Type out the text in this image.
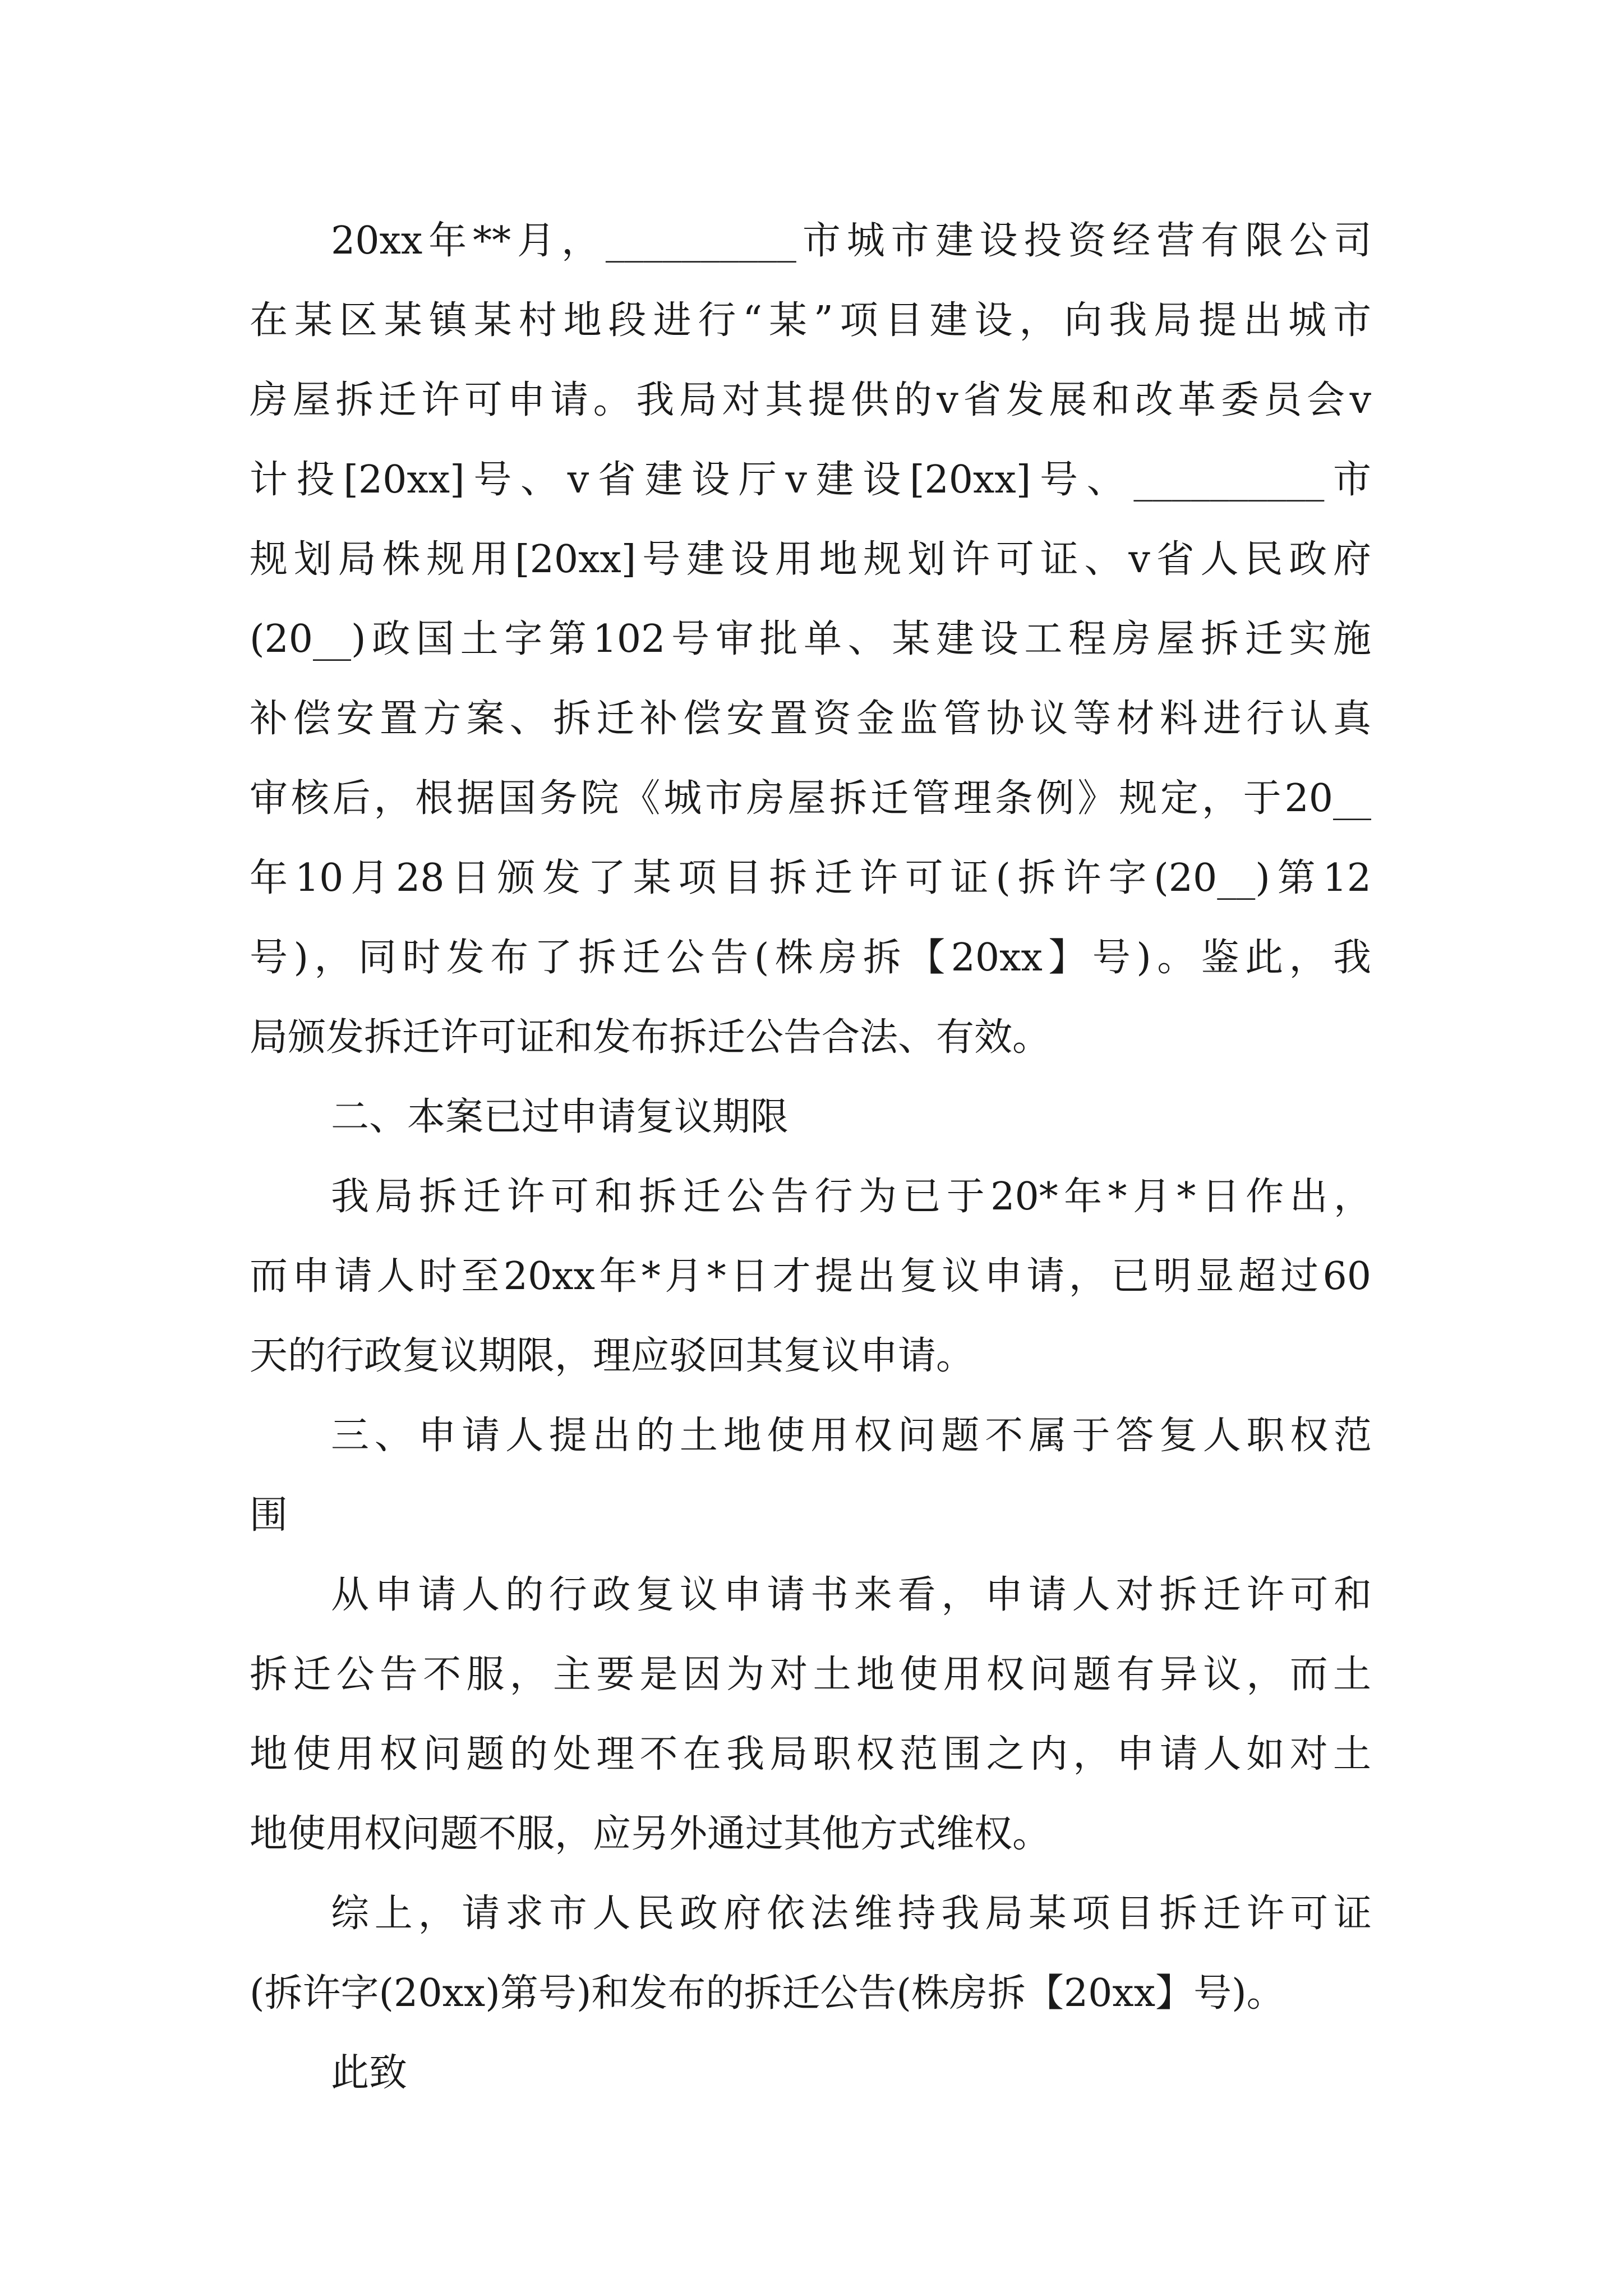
20xx年**月，__________市城市建设投资经营有限公司
在某区某镇某村地段进行“某”项目建设，向我局提出城市
房屋拆迁许可申请。我局对其提供的v省发展和改革委员会v
计投[20xx]号、v省建设厅v建设[20xx]号、__________市
规划局株规用[20xx]号建设用地规划许可证、v省人民政府
(20__)政国土字第102号审批单、某建设工程房屋拆迁实施
补偿安置方案、拆迁补偿安置资金监管协议等材料进行认真
审核后，根据国务院《城市房屋拆迁管理条例》规定，于20__
年10月28日颁发了某项目拆迁许可证(拆许字(20__)第12
号)，同时发布了拆迁公告(株房拆【20xx】号)。鉴此，我
局颁发拆迁许可证和发布拆迁公告合法、有效。
二、本案已过申请复议期限
我局拆迁许可和拆迁公告行为已于20*年*月*日作出，
而申请人时至20xx年*月*日才提出复议申请，已明显超过60
天的行政复议期限，理应驳回其复议申请。
三、申请人提出的土地使用权问题不属于答复人职权范
围
从申请人的行政复议申请书来看，申请人对拆迁许可和
拆迁公告不服，主要是因为对土地使用权问题有异议，而土
地使用权问题的处理不在我局职权范围之内，申请人如对土
地使用权问题不服，应另外通过其他方式维权。
综上，请求市人民政府依法维持我局某项目拆迁许可证
(拆许字(20xx)第号)和发布的拆迁公告(株房拆【20xx】号)。
此致
